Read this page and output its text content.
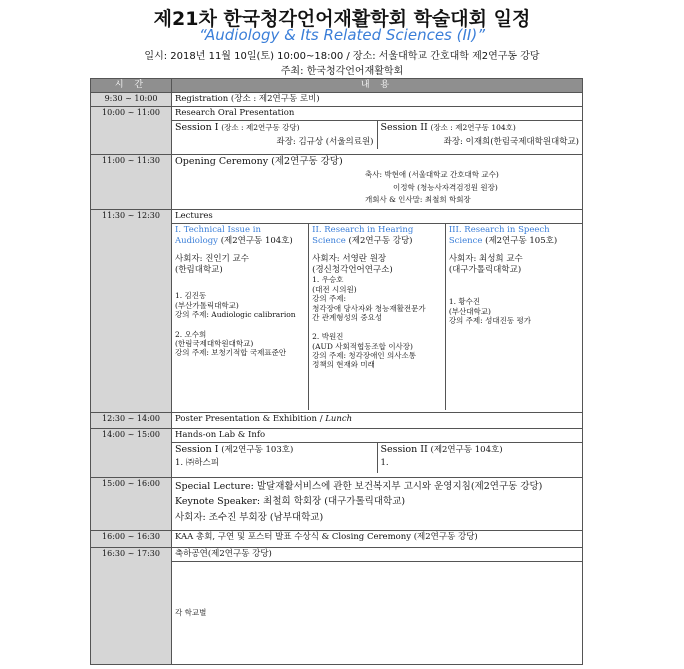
제21차 한국청각언어재활학회 학술대회 일정
“Audiology & Its Related Sciences (II)”
일시: 2018년 11월 10일(토) 10:00~18:00 / 장소: 서울대학교 간호대학 제2연구동 강당
주최: 한국청각언어재활학회
시 간	내 용
9:30 ~ 10:00	Registration (장소 : 제2연구동 로비)
10:00 ~ 11:00	Research Oral Presentation
Session I (장소 : 제2연구동 강당)
좌장: 김규상 (서울의료원)
	Session II (장소 : 제2연구동 104호)
좌장: 이재희(한림국제대학원대학교)

11:00 ~ 11:30	Opening Ceremony (제2연구동 강당)
축사: 박현애 (서울대학교 간호대학 교수)
이정학 (청능사자격검정원 원장)
개회사 & 인사말: 최철희 학회장

11:30 ~ 12:30	Lectures
I. Technical Issue in
Audiology (제2연구동 104호)
사회자: 진인기 교수
(한림대학교)
1. 김진동
(부산가톨릭대학교)
강의 주제: Audiologic calibrarion
2. 오수희
(한림국제대학원대학교)
강의 주제: 보청기적합 국제표준안

II. Research in Hearing
Science (제2연구동 강당)
사회자: 서영란 원장
(경신청각언어연구소)
1. 우승호
(대전 시의원)
강의 주제:
청각장애 당사자와 청능재활전문가
간 관계형성의 중요성
2. 박원진
(AUD 사회적협동조합 이사장)
강의 주제: 청각장애인 의사소통
정책의 현재와 미래

III. Research in Speech
Science (제2연구동 105호)
사회자: 최성희 교수
(대구가톨릭대학교)
1. 황수진
(부산대학교)
강의 주제: 성대진동 평가

12:30 ~ 14:00	Poster Presentation & Exhibition / Lunch
14:00 ~ 15:00	Hands-on Lab & Info
Session I (제2연구동 103호)
1. ㈜하스피
	Session II (제2연구동 104호)
1.

15:00 ~ 16:00	Special Lecture: 발달재활서비스에 관한 보건복지부 고시와 운영지침(제2연구동 강당)
Keynote Speaker: 최철희 학회장 (대구가톨릭대학교)
사회자: 조수진 부회장 (남부대학교)

16:00 ~ 16:30	KAA 총회, 구연 및 포스터 발표 수상식 & Closing Ceremony (제2연구동 강당)
16:30 ~ 17:30	축하공연(제2연구동 강당)
각 학교별
